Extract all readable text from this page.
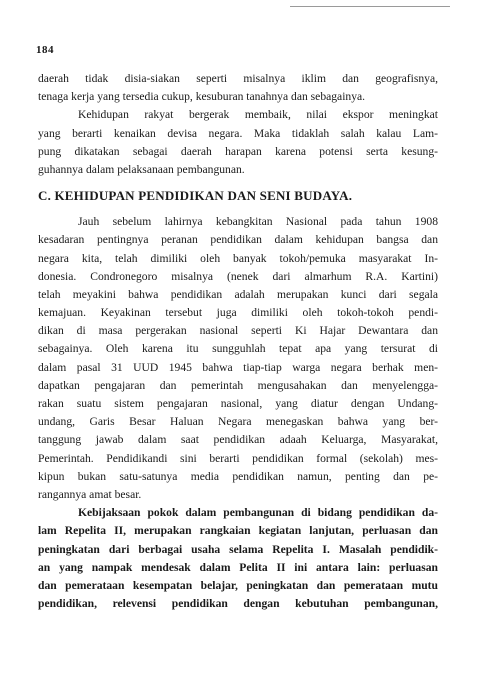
184
daerah tidak disia-siakan seperti misalnya iklim dan geografisnya,
tenaga kerja yang tersedia cukup, kesuburan tanahnya dan sebagainya.
Kehidupan rakyat bergerak membaik, nilai ekspor meningkat
yang berarti kenaikan devisa negara. Maka tidaklah salah kalau Lam-
pung dikatakan sebagai daerah harapan karena potensi serta kesung-
guhannya dalam pelaksanaan pembangunan.
C. KEHIDUPAN PENDIDIKAN DAN SENI BUDAYA.
Jauh sebelum lahirnya kebangkitan Nasional pada tahun 1908
kesadaran pentingnya peranan pendidikan dalam kehidupan bangsa dan
negara kita, telah dimiliki oleh banyak tokoh/pemuka masyarakat In-
donesia. Condronegoro misalnya (nenek dari almarhum R.A. Kartini)
telah meyakini bahwa pendidikan adalah merupakan kunci dari segala
kemajuan. Keyakinan tersebut juga dimiliki oleh tokoh-tokoh pendi-
dikan di masa pergerakan nasional seperti Ki Hajar Dewantara dan
sebagainya. Oleh karena itu sungguhlah tepat apa yang tersurat di
dalam pasal 31 UUD 1945 bahwa tiap-tiap warga negara berhak men-
dapatkan pengajaran dan pemerintah mengusahakan dan menyelengga-
rakan suatu sistem pengajaran nasional, yang diatur dengan Undang-
undang, Garis Besar Haluan Negara menegaskan bahwa yang ber-
tanggung jawab dalam saat pendidikan adaah Keluarga, Masyarakat,
Pemerintah. Pendidikandi sini berarti pendidikan formal (sekolah) mes-
kipun bukan satu-satunya media pendidikan namun, penting dan pe-
rangannya amat besar.
Kebijaksaan pokok dalam pembangunan di bidang pendidikan da-
lam Repelita II, merupakan rangkaian kegiatan lanjutan, perluasan dan
peningkatan dari berbagai usaha selama Repelita I. Masalah pendidik-
an yang nampak mendesak dalam Pelita II ini antara lain: perluasan
dan pemerataan kesempatan belajar, peningkatan dan pemerataan mutu
pendidikan, relevensi pendidikan dengan kebutuhan pembangunan,
